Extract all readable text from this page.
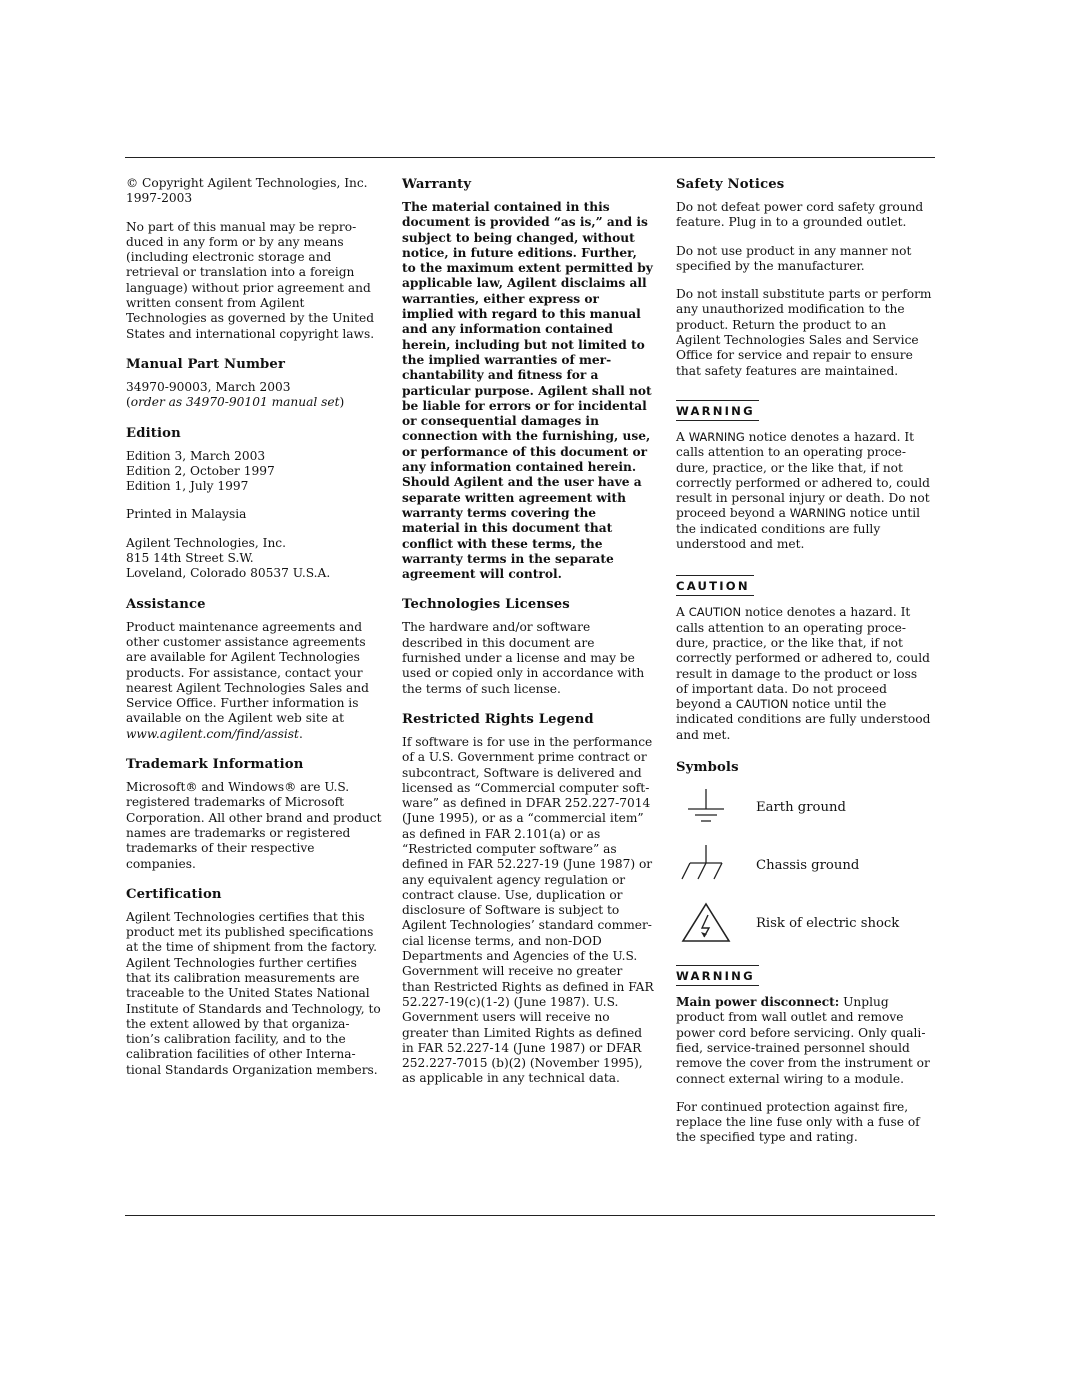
© Copyright Agilent Technologies, Inc. 1997-2003

No part of this manual may be repro-duced in any form or by any means (including electronic storage and retrieval or translation into a foreign language) without prior agreement and written consent from Agilent Technologies as governed by the United States and international copyright laws.

Manual Part Number

34970-90003, March 2003
(order as 34970-90101 manual set)

Edition

Edition 3, March 2003
Edition 2, October 1997
Edition 1, July 1997

Printed in Malaysia

Agilent Technologies, Inc.
815 14th Street S.W.
Loveland, Colorado 80537 U.S.A.

Assistance

Product maintenance agreements and other customer assistance agreements are available for Agilent Technologies products. For assistance, contact your nearest Agilent Technologies Sales and Service Office. Further information is available on the Agilent web site at www.agilent.com/find/assist.

Trademark Information

Microsoft® and Windows® are U.S. registered trademarks of Microsoft Corporation. All other brand and product names are trademarks or registered trademarks of their respective companies.

Certification

Agilent Technologies certifies that this product met its published specifications at the time of shipment from the factory. Agilent Technologies further certifies that its calibration measurements are traceable to the United States National Institute of Standards and Technology, to the extent allowed by that organiza-tion’s calibration facility, and to the calibration facilities of other Interna-tional Standards Organization members.

Warranty

The material contained in this document is provided “as is,” and is subject to being changed, without notice, in future editions. Further, to the maximum extent permitted by applicable law, Agilent disclaims all warranties, either express or implied with regard to this manual and any information contained herein, including but not limited to the implied warranties of mer-chantability and fitness for a particular purpose. Agilent shall not be liable for errors or for incidental or consequential damages in connection with the furnishing, use, or performance of this document or any information contained herein. Should Agilent and the user have a separate written agreement with warranty terms covering the material in this document that conflict with these terms, the warranty terms in the separate agreement will control.

Technologies Licenses

The hardware and/or software described in this document are furnished under a license and may be used or copied only in accordance with the terms of such license.

Restricted Rights Legend

If software is for use in the performance of a U.S. Government prime contract or subcontract, Software is delivered and licensed as “Commercial computer soft-ware” as defined in DFAR 252.227-7014 (June 1995), or as a “commercial item” as defined in FAR 2.101(a) or as “Restricted computer software” as defined in FAR 52.227-19 (June 1987) or any equivalent agency regulation or contract clause. Use, duplication or disclosure of Software is subject to Agilent Technologies’ standard commer-cial license terms, and non-DOD Departments and Agencies of the U.S. Government will receive no greater than Restricted Rights as defined in FAR 52.227-19(c)(1-2) (June 1987). U.S. Government users will receive no greater than Limited Rights as defined in FAR 52.227-14 (June 1987) or DFAR 252.227-7015 (b)(2) (November 1995), as applicable in any technical data.

Safety Notices

Do not defeat power cord safety ground feature. Plug in to a grounded outlet.

Do not use product in any manner not specified by the manufacturer.

Do not install substitute parts or perform any unauthorized modification to the product. Return the product to an Agilent Technologies Sales and Service Office for service and repair to ensure that safety features are maintained.

WARNING

A WARNING notice denotes a hazard. It calls attention to an operating proce-dure, practice, or the like that, if not correctly performed or adhered to, could result in personal injury or death. Do not proceed beyond a WARNING notice until the indicated conditions are fully understood and met.

CAUTION

A CAUTION notice denotes a hazard. It calls attention to an operating proce-dure, practice, or the like that, if not correctly performed or adhered to, could result in damage to the product or loss of important data. Do not proceed beyond a CAUTION notice until the indicated conditions are fully understood and met.

Symbols
Earth ground
Chassis ground
Risk of electric shock
WARNING

Main power disconnect: Unplug product from wall outlet and remove power cord before servicing. Only quali-fied, service-trained personnel should remove the cover from the instrument or connect external wiring to a module.

For continued protection against fire, replace the line fuse only with a fuse of the specified type and rating.
